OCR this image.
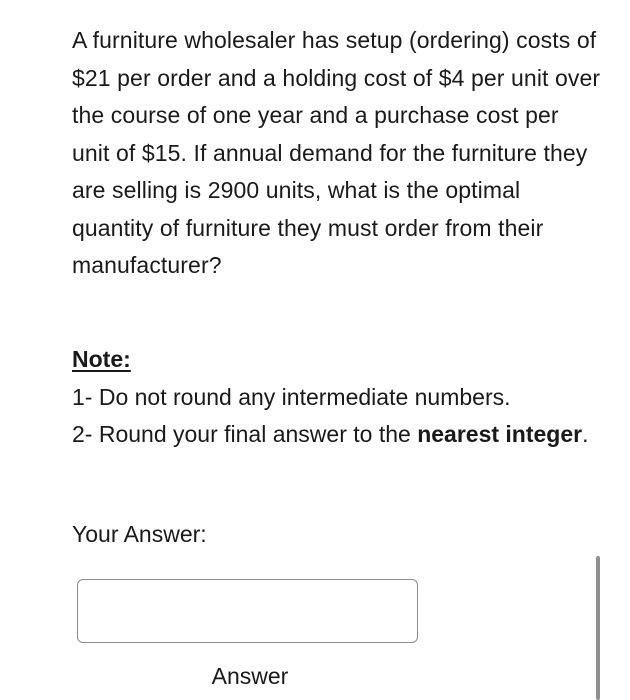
A furniture wholesaler has setup (ordering) costs of $21 per order and a holding cost of $4 per unit over the course of one year and a purchase cost per unit of $15. If annual demand for the furniture they are selling is 2900 units, what is the optimal quantity of furniture they must order from their manufacturer?
Note:
1- Do not round any intermediate numbers.
2- Round your final answer to the nearest integer.
Your Answer:
Answer
